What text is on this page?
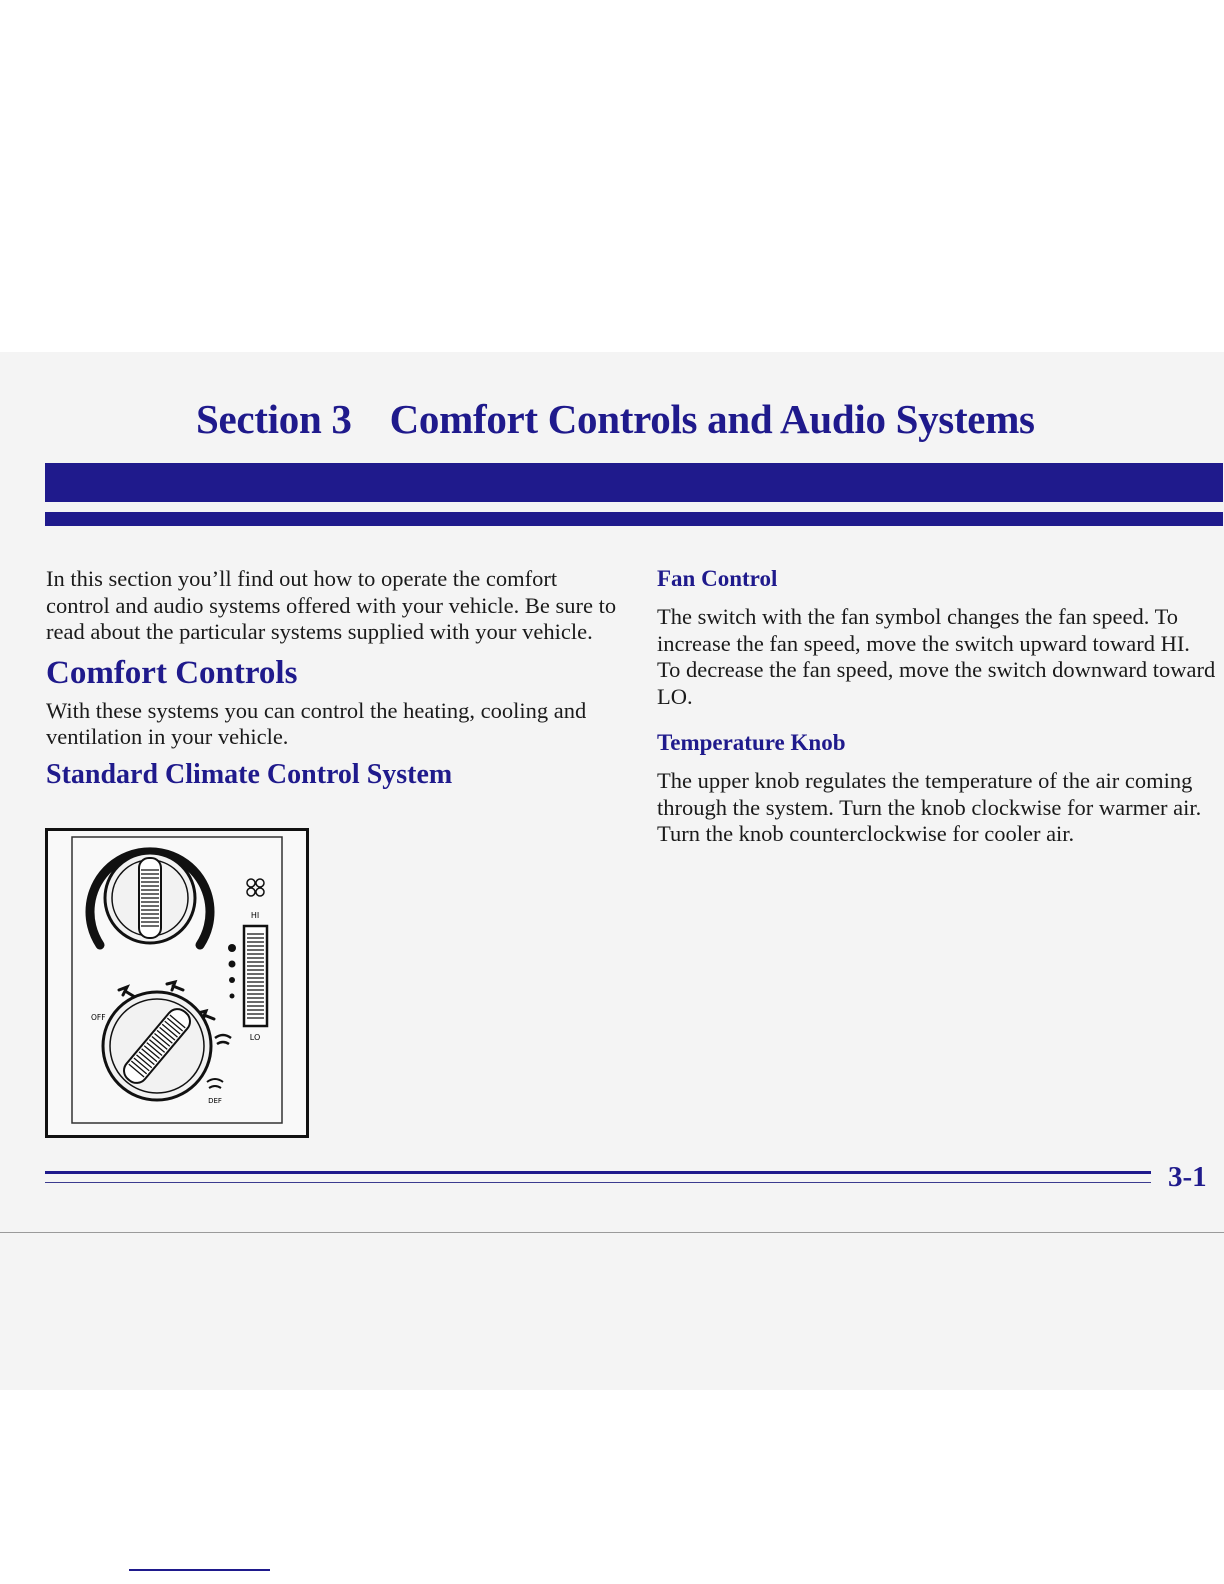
Section 3 Comfort Controls and Audio Systems

In this section you’ll find out how to operate the comfort control and audio systems offered with your vehicle. Be sure to read about the particular systems supplied with your vehicle.

Comfort Controls

With these systems you can control the heating, cooling and ventilation in your vehicle.

Standard Climate Control System
HI
LO
OFF
DEF
Fan Control

The switch with the fan symbol changes the fan speed. To increase the fan speed, move the switch upward toward HI. To decrease the fan speed, move the switch downward toward LO.

Temperature Knob

The upper knob regulates the temperature of the air coming through the system. Turn the knob clockwise for warmer air. Turn the knob counterclockwise for cooler air.

3-1
